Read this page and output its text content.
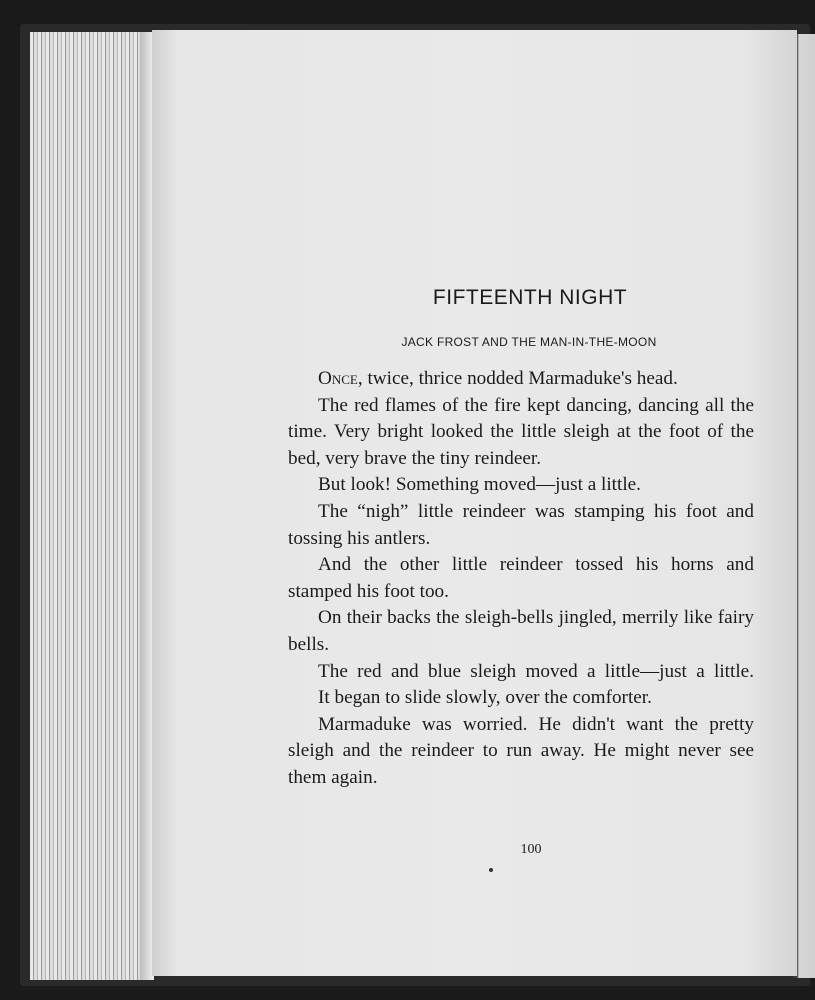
FIFTEENTH NIGHT
JACK FROST AND THE MAN-IN-THE-MOON

Once, twice, thrice nodded Marmaduke's head.

The red flames of the fire kept dancing, dancing all the time. Very bright looked the little sleigh at the foot of the bed, very brave the tiny reindeer.

But look! Something moved—just a little.

The “nigh” little reindeer was stamping his foot and tossing his antlers.

And the other little reindeer tossed his horns and stamped his foot too.

On their backs the sleigh-bells jingled, merrily like fairy bells.

The red and blue sleigh moved a little—just a little.

It began to slide slowly, over the comforter.

Marmaduke was worried. He didn't want the pretty sleigh and the reindeer to run away. He might never see them again.

100
